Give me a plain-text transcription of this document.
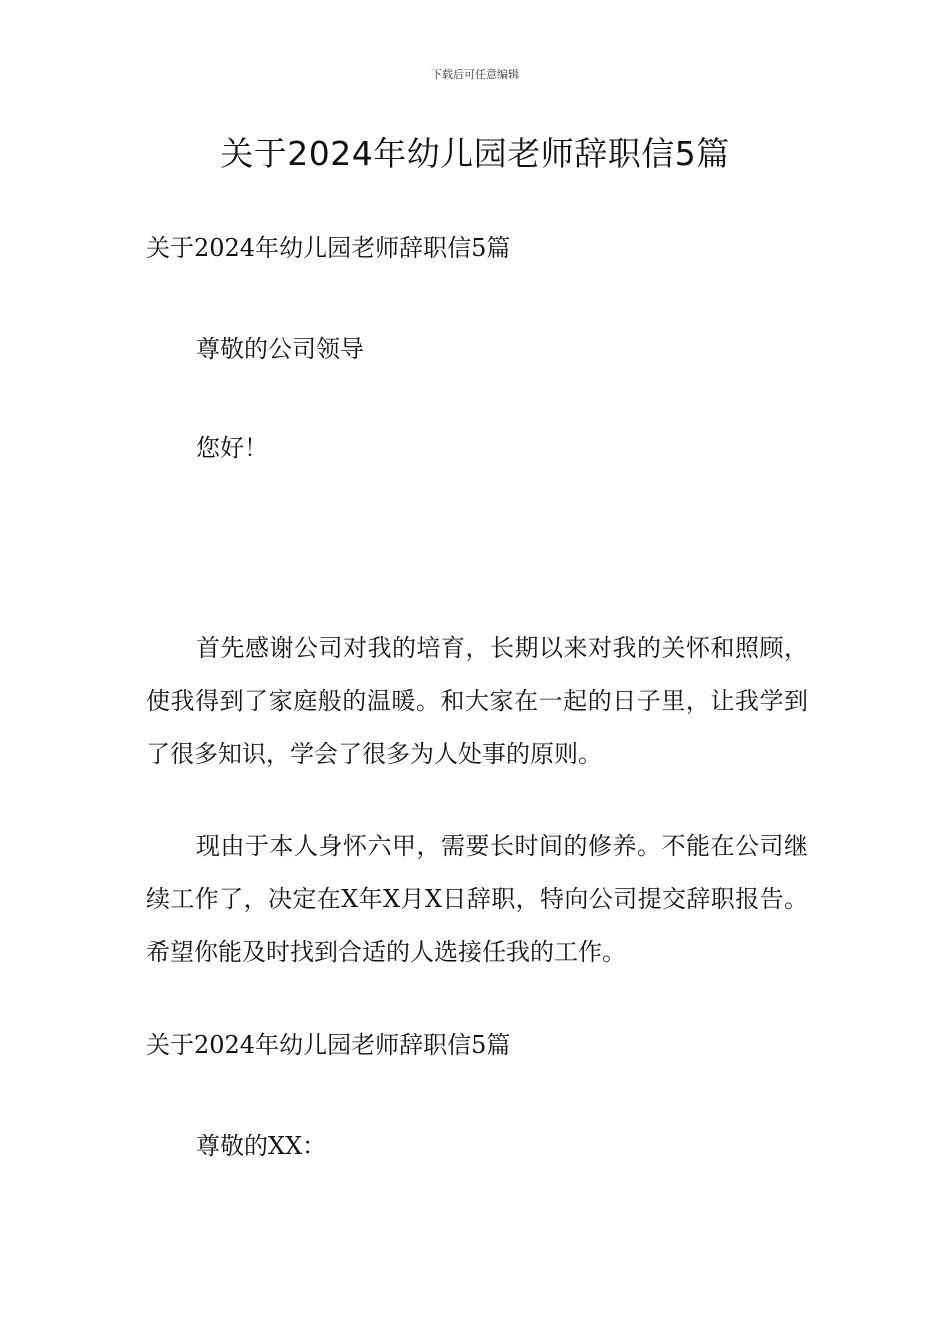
下载后可任意编辑
关于2024年幼儿园老师辞职信5篇
关于2024年幼儿园老师辞职信5篇
尊敬的公司领导
您好！
首先感谢公司对我的培育，长期以来对我的关怀和照顾，使我得到了家庭般的温暖。和大家在一起的日子里，让我学到了很多知识，学会了很多为人处事的原则。
现由于本人身怀六甲，需要长时间的修养。不能在公司继续工作了，决定在X年X月X日辞职，特向公司提交辞职报告。希望你能及时找到合适的人选接任我的工作。
关于2024年幼儿园老师辞职信5篇
尊敬的XX：
